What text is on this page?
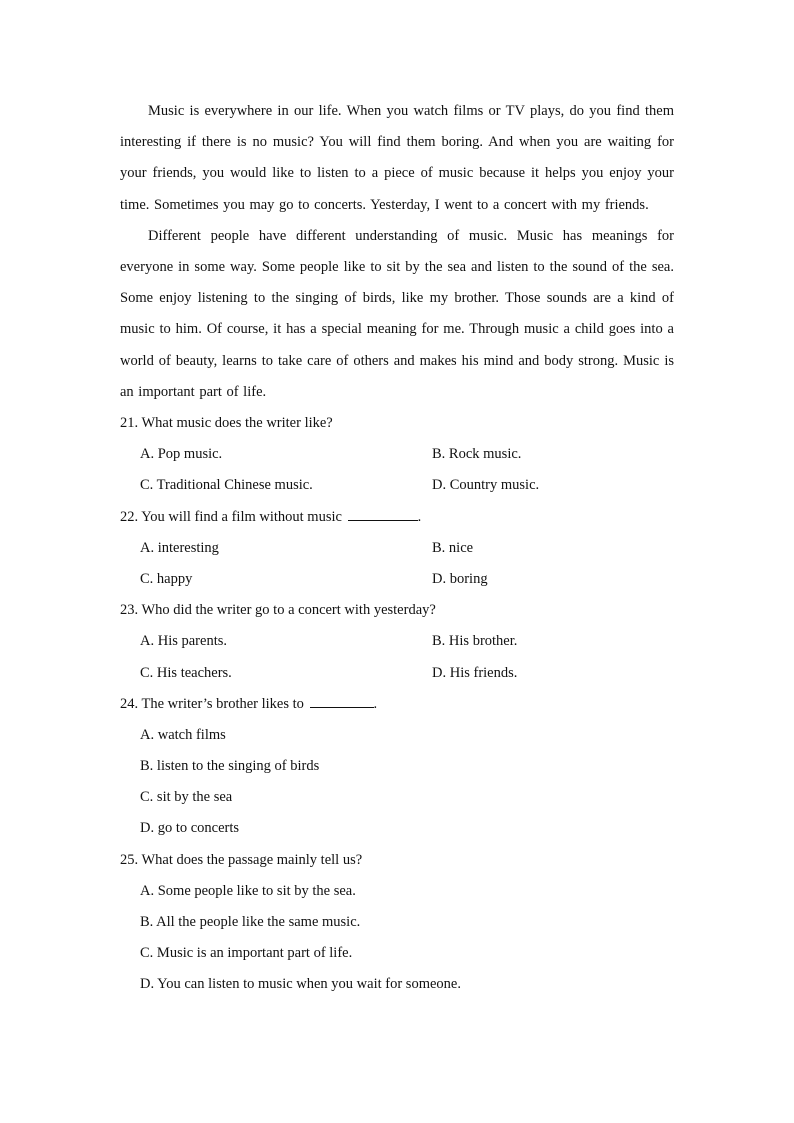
Music is everywhere in our life. When you watch films or TV plays, do you find them interesting if there is no music? You will find them boring. And when you are waiting for your friends, you would like to listen to a piece of music because it helps you enjoy your time. Sometimes you may go to concerts. Yesterday, I went to a concert with my friends.

Different people have different understanding of music. Music has meanings for everyone in some way. Some people like to sit by the sea and listen to the sound of the sea. Some enjoy listening to the singing of birds, like my brother. Those sounds are a kind of music to him. Of course, it has a special meaning for me. Through music a child goes into a world of beauty, learns to take care of others and makes his mind and body strong. Music is an important part of life.

21. What music does the writer like?
A. Pop music.	B. Rock music.
C. Traditional Chinese music.	D. Country music.
22. You will find a film without music	.
A. interesting	B. nice
C. happy	D. boring
23. Who did the writer go to a concert with yesterday?
A. His parents.	B. His brother.
C. His teachers.	D. His friends.
24. The writer’s brother likes to	.
A. watch films
B. listen to the singing of birds
C. sit by the sea
D. go to concerts
25. What does the passage mainly tell us?
A. Some people like to sit by the sea.
B. All the people like the same music.
C. Music is an important part of life.
D. You can listen to music when you wait for someone.
